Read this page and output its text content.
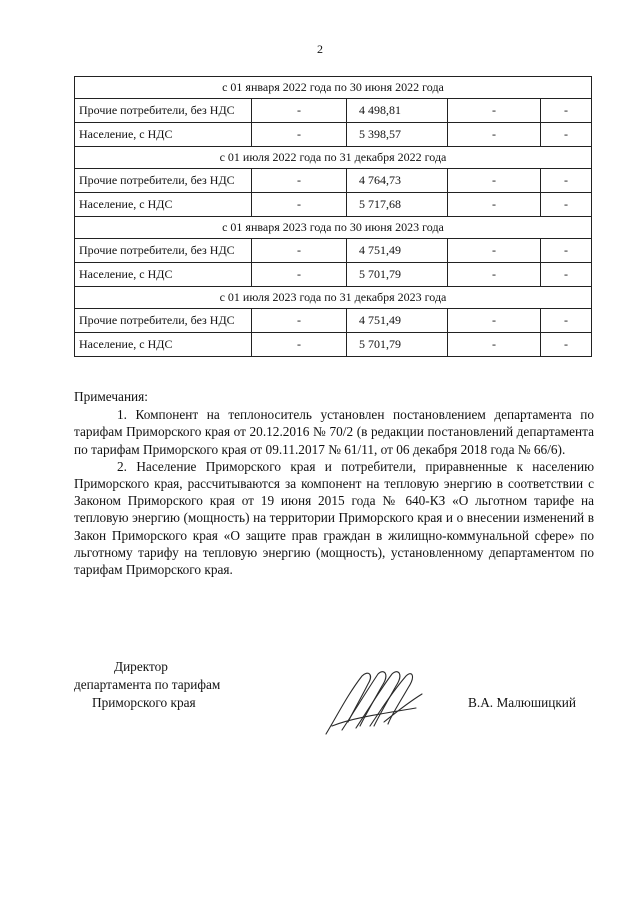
2
с 01 января 2022 года по 30 июня 2022 года				
Прочие потребители, без НДС	-	4 498,81	-	-
Население, с НДС	-	5 398,57	-	-
с 01 июля 2022 года по 31 декабря 2022 года				
Прочие потребители, без НДС	-	4 764,73	-	-
Население, с НДС	-	5 717,68	-	-
с 01 января 2023 года по 30 июня 2023 года				
Прочие потребители, без НДС	-	4 751,49	-	-
Население, с НДС	-	5 701,79	-	-
с 01 июля 2023 года по 31 декабря 2023 года				
Прочие потребители, без НДС	-	4 751,49	-	-
Население, с НДС	-	5 701,79	-	-

Примечания:

1. Компонент на теплоноситель установлен постановлением департамента по тарифам Приморского края от 20.12.2016 № 70/2 (в редакции постановлений департамента по тарифам Приморского края от 09.11.2017 № 61/11, от 06 декабря 2018 года № 66/6).

2. Население Приморского края и потребители, приравненные к населению Приморского края, рассчитываются за компонент на тепловую энергию в соответствии с Законом Приморского края от 19 июня 2015 года № 640-КЗ «О льготном тарифе на тепловую энергию (мощность) на территории Приморского края и о внесении изменений в Закон Приморского края «О защите прав граждан в жилищно-коммунальной сфере» по льготному тарифу на тепловую энергию (мощность), установленному департаментом по тарифам Приморского края.

Директор
департамента по тарифам
Приморского края	В.А. Малюшицкий
